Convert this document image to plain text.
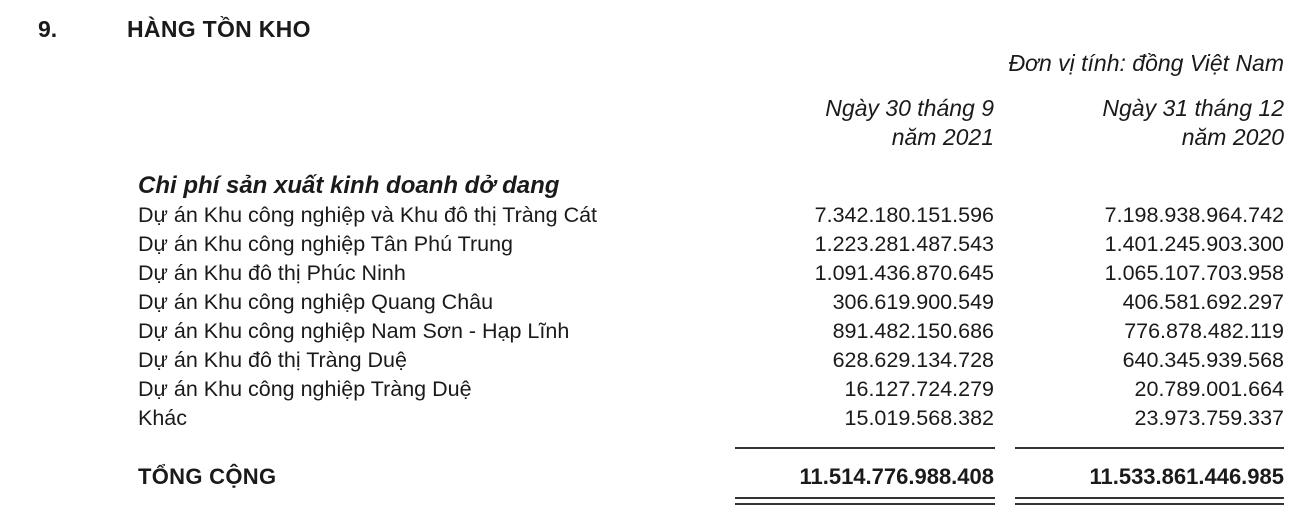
9.	HÀNG TỒN KHO
Đơn vị tính: đồng Việt Nam
Ngày 30 tháng 9
năm 2021
Ngày 31 tháng 12
năm 2020
Chi phí sản xuất kinh doanh dở dang
Dự án Khu công nghiệp và Khu đô thị Tràng Cát	7.342.180.151.596	7.198.938.964.742
Dự án Khu công nghiệp Tân Phú Trung	1.223.281.487.543	1.401.245.903.300
Dự án Khu đô thị Phúc Ninh	1.091.436.870.645	1.065.107.703.958
Dự án Khu công nghiệp Quang Châu	306.619.900.549	406.581.692.297
Dự án Khu công nghiệp Nam Sơn - Hạp Lĩnh	891.482.150.686	776.878.482.119
Dự án Khu đô thị Tràng Duệ	628.629.134.728	640.345.939.568
Dự án Khu công nghiệp Tràng Duệ	16.127.724.279	20.789.001.664
Khác	15.019.568.382	23.973.759.337
TỔNG CỘNG	11.514.776.988.408	11.533.861.446.985
